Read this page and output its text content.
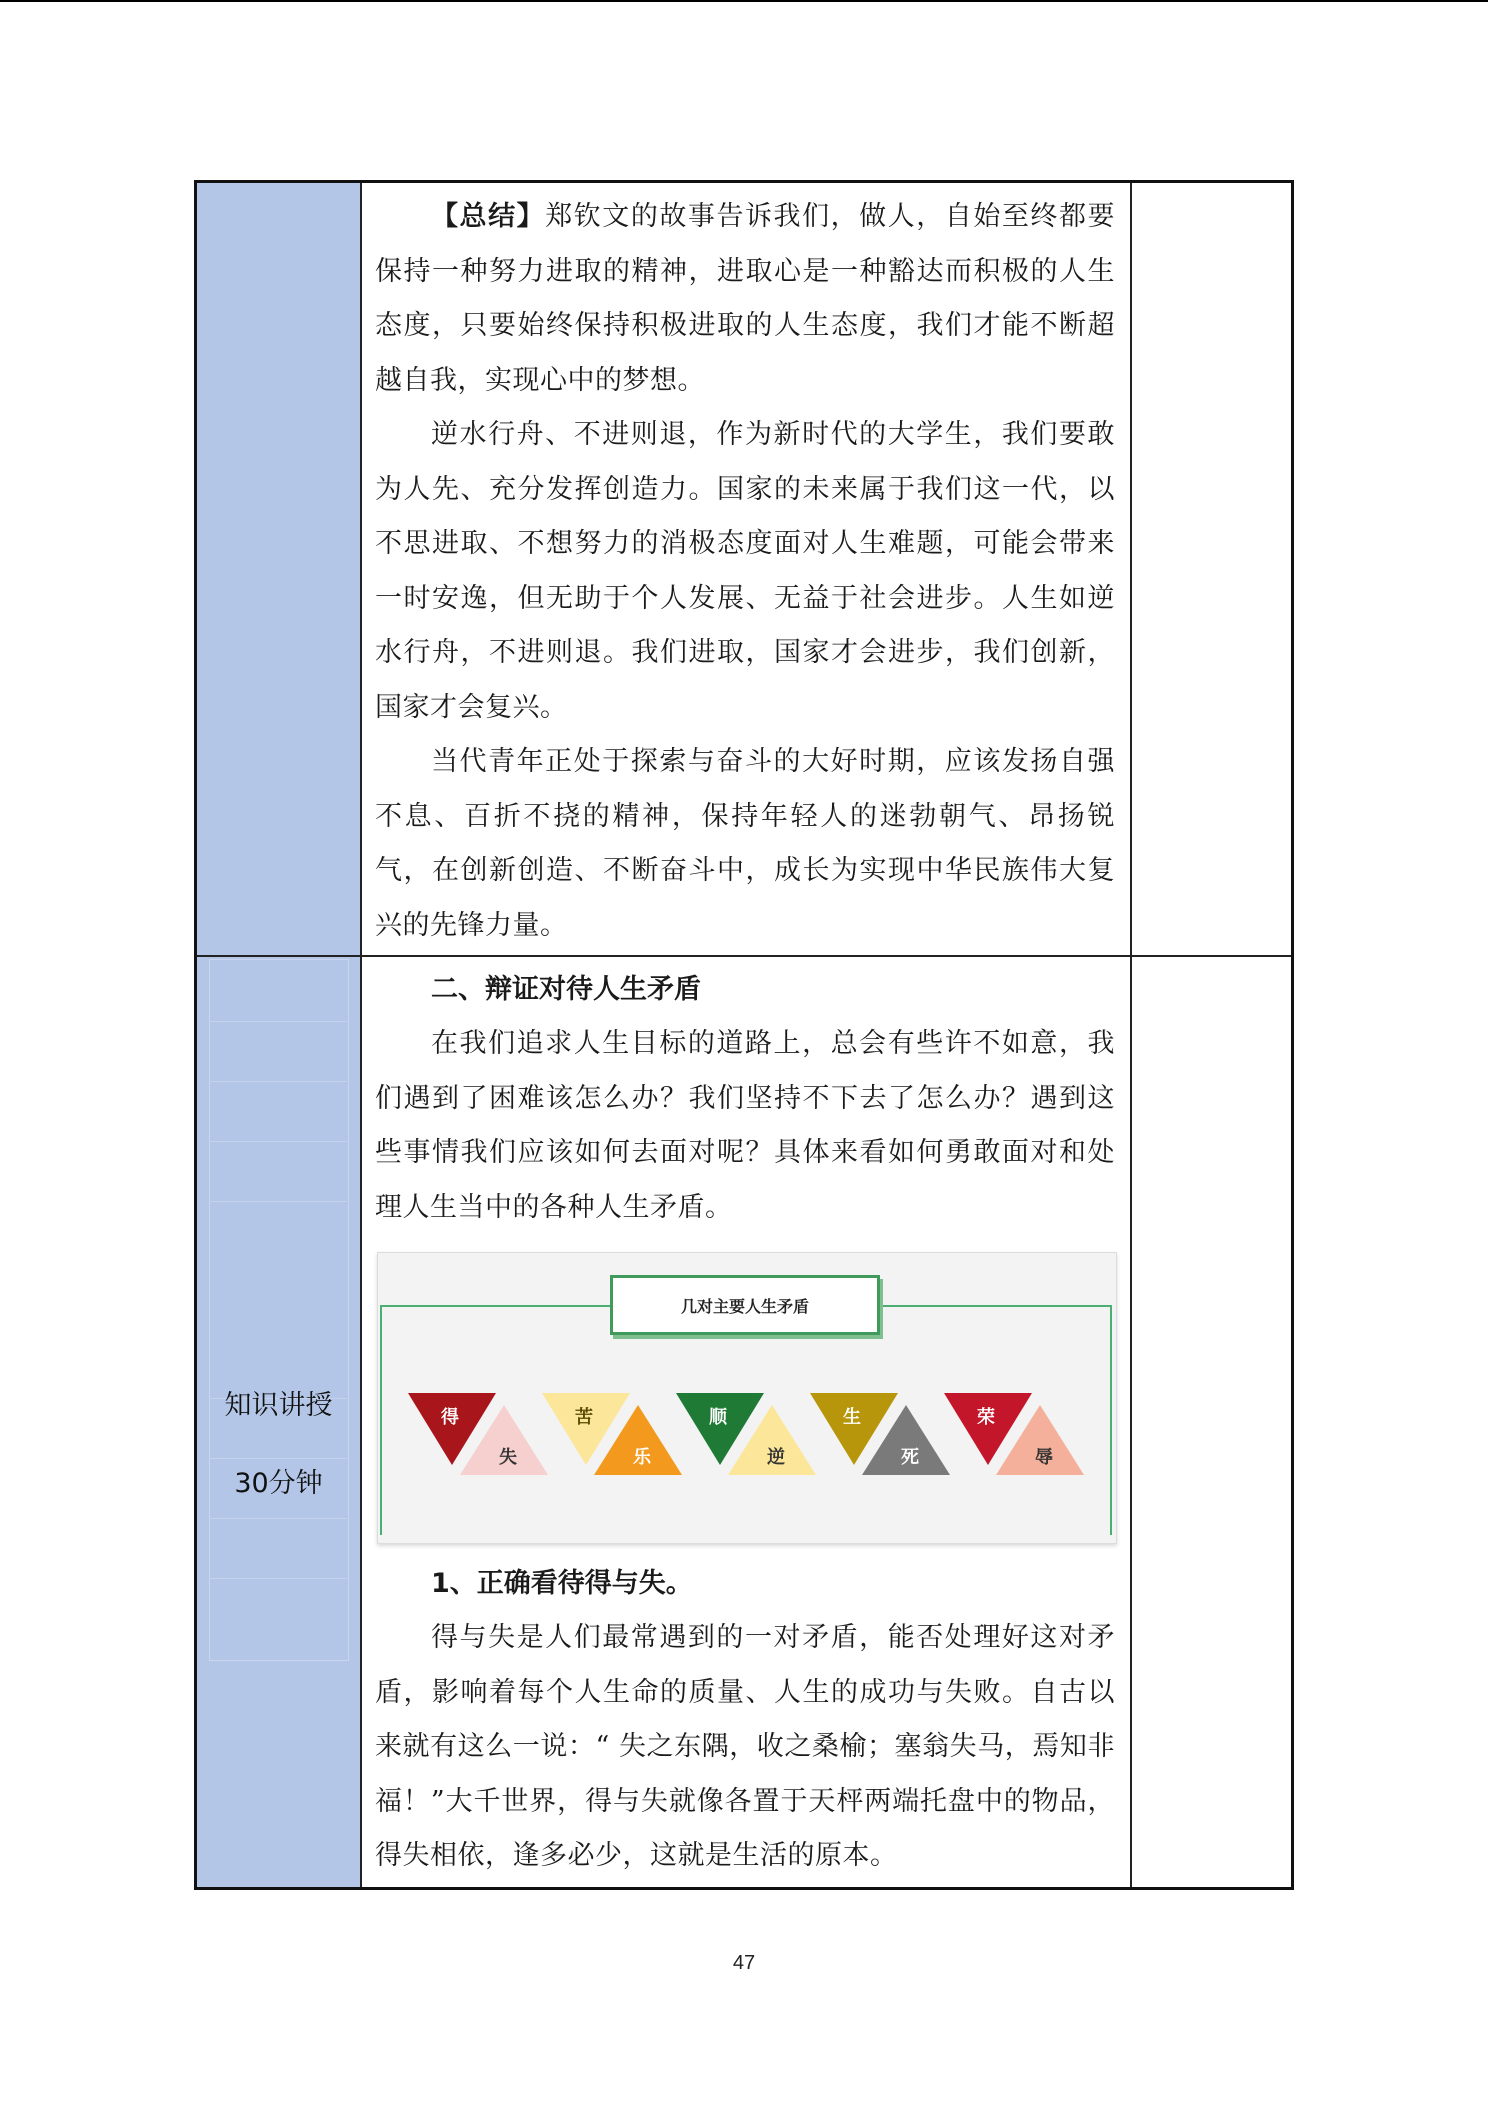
知识讲授
30分钟

【总结】郑钦文的故事告诉我们，做人，自始至终都要保持一种努力进取的精神，进取心是一种豁达而积极的人生态度，只要始终保持积极进取的人生态度，我们才能不断超越自我，实现心中的梦想。

逆水行舟、不进则退，作为新时代的大学生，我们要敢为人先、充分发挥创造力。国家的未来属于我们这一代，以不思进取、不想努力的消极态度面对人生难题，可能会带来一时安逸，但无助于个人发展、无益于社会进步。人生如逆水行舟，不进则退。我们进取，国家才会进步，我们创新，国家才会复兴。

当代青年正处于探索与奋斗的大好时期，应该发扬自强不息、百折不挠的精神，保持年轻人的迷勃朝气、昂扬锐气，在创新创造、不断奋斗中，成长为实现中华民族伟大复兴的先锋力量。

二、辩证对待人生矛盾

在我们追求人生目标的道路上，总会有些许不如意，我们遇到了困难该怎么办？我们坚持不下去了怎么办？遇到这些事情我们应该如何去面对呢？具体来看如何勇敢面对和处理人生当中的各种人生矛盾。

几对主要人生矛盾
得
失
苦
乐
顺
逆
生
死
荣
辱

1、正确看待得与失。

得与失是人们最常遇到的一对矛盾，能否处理好这对矛盾，影响着每个人生命的质量、人生的成功与失败。自古以来就有这么一说：“ 失之东隅，收之桑榆；塞翁失马，焉知非福！”大千世界，得与失就像各置于天枰两端托盘中的物品，得失相依，逢多必少，这就是生活的原本。

47
